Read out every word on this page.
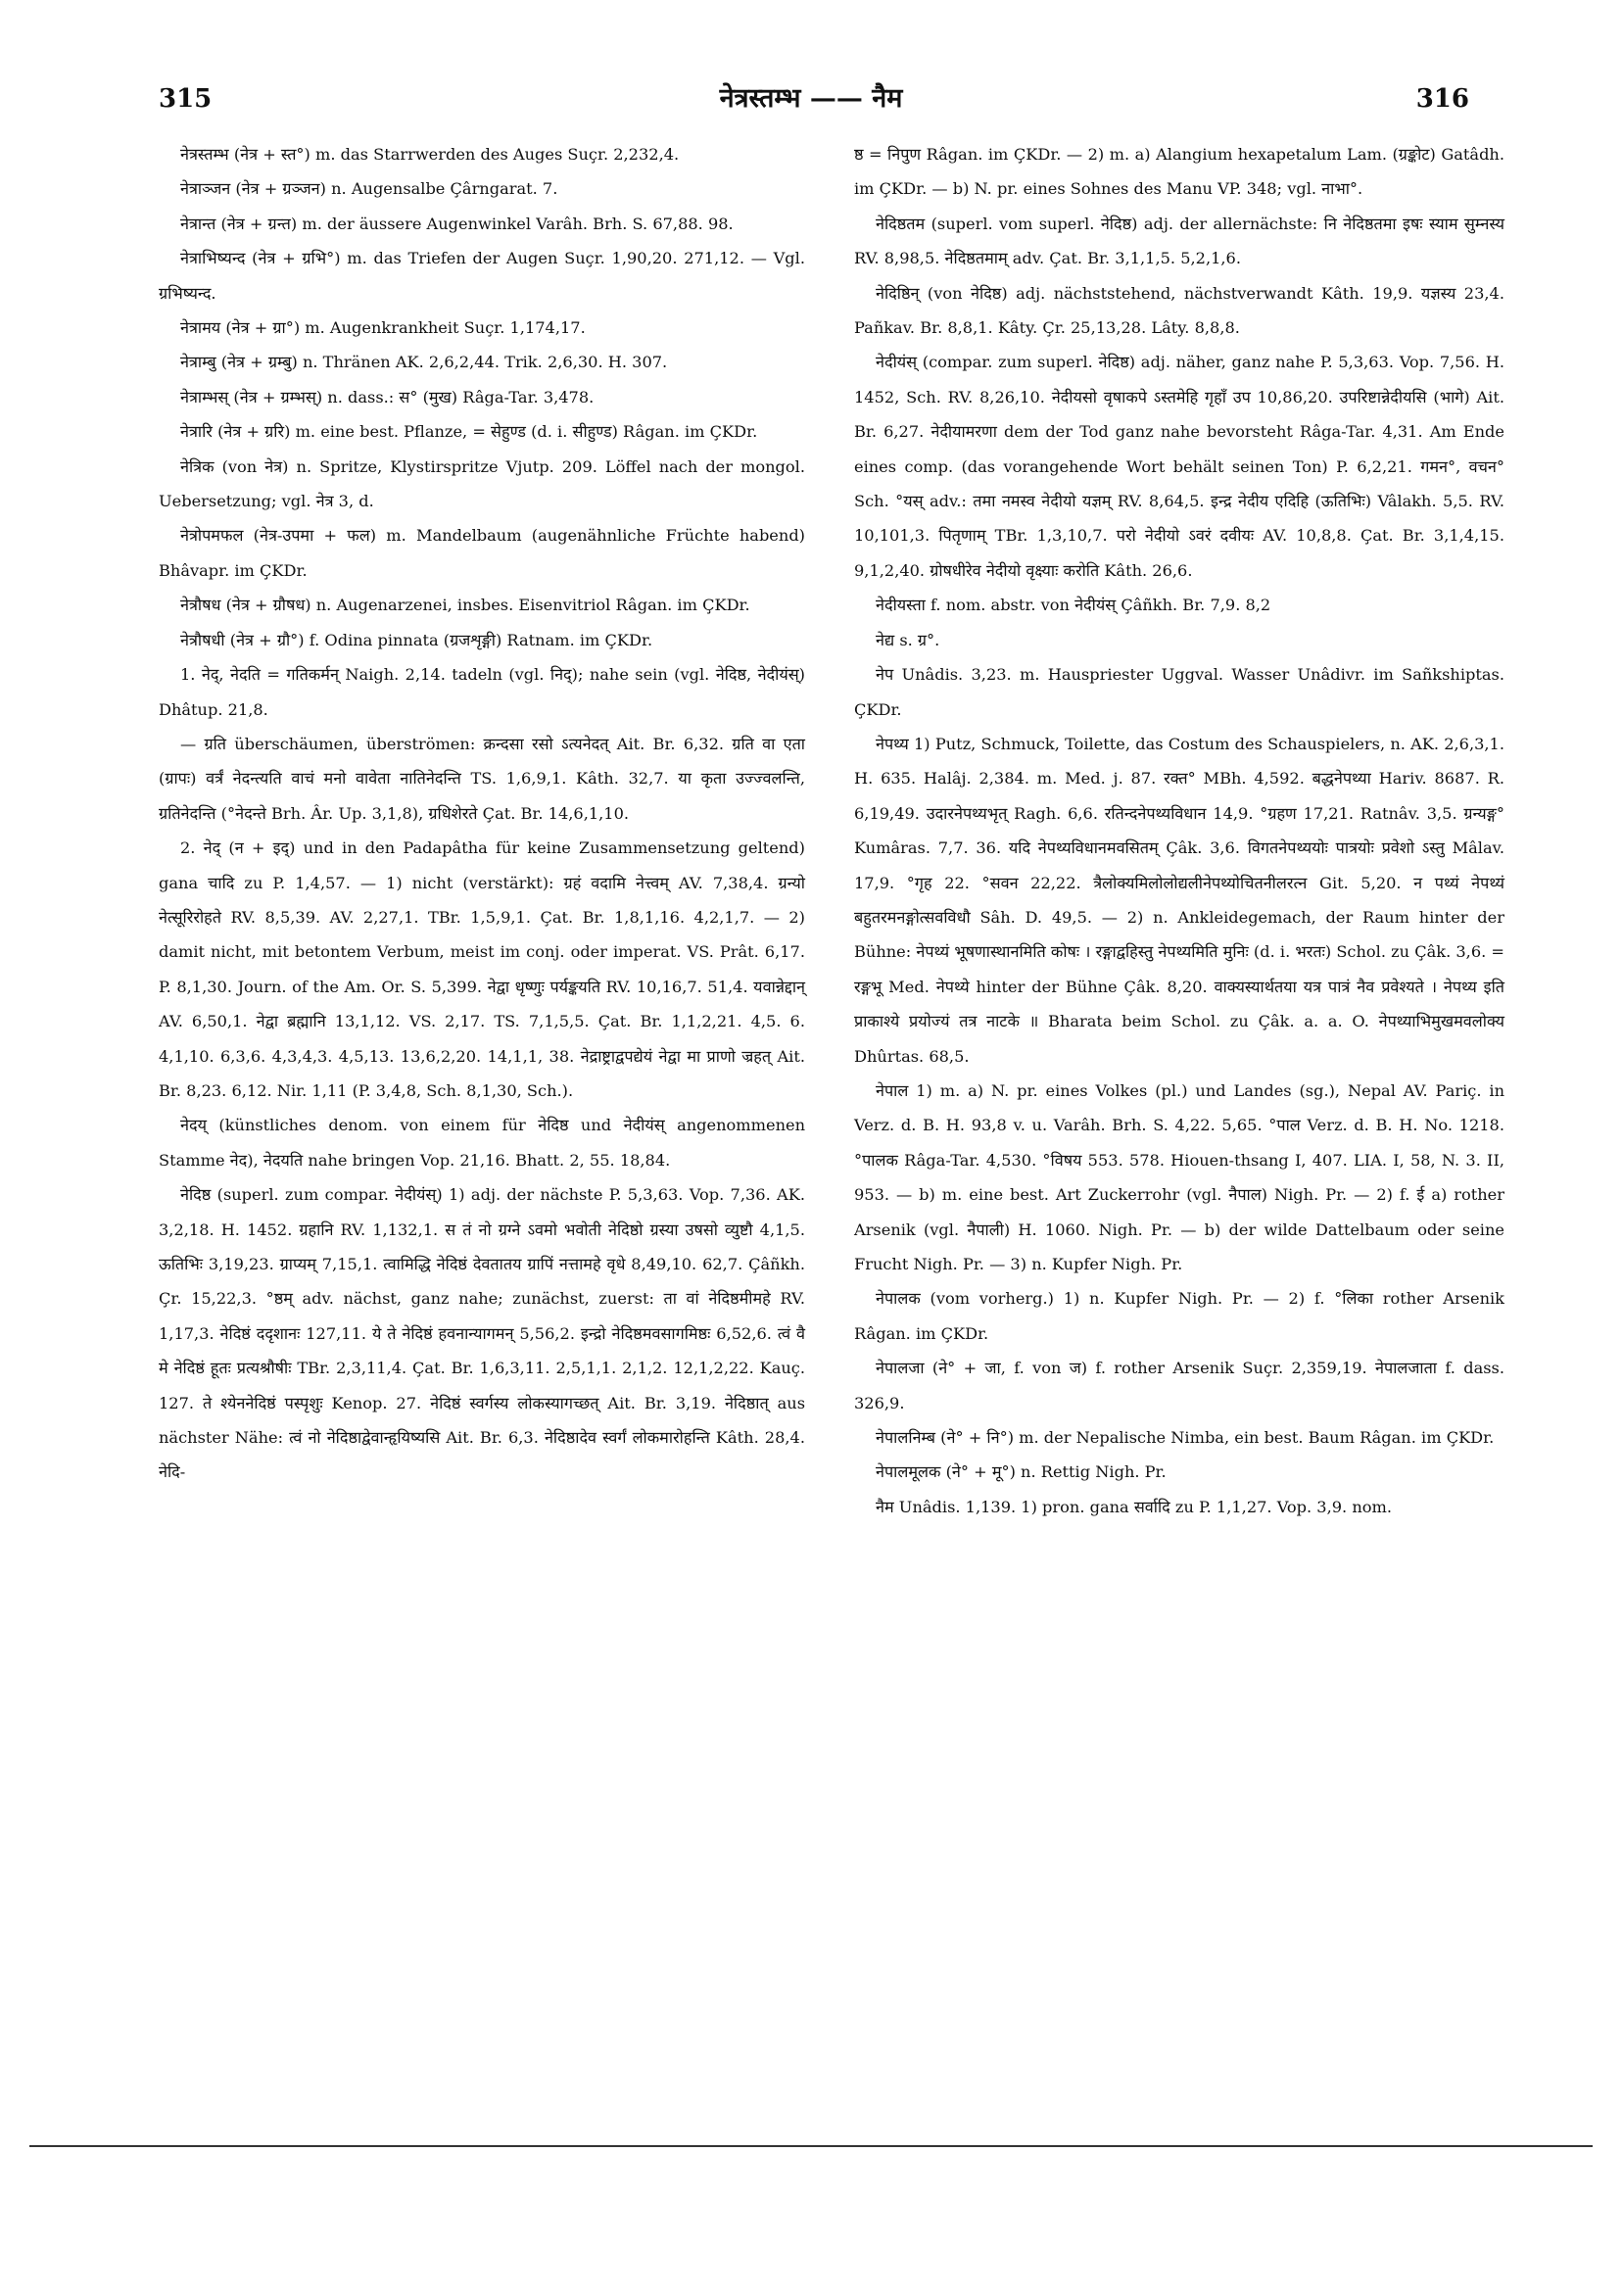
315	नेत्रस्तम्भ —— नैम	316

नेत्रस्तम्भ (नेत्र + स्त°) m. das Starrwerden des Auges Suçr. 2,232,4.

नेत्राञ्जन (नेत्र + ग्रञ्जन) n. Augensalbe Çârngarat. 7.

नेत्रान्त (नेत्र + ग्रन्त) m. der äussere Augenwinkel Varâh. Brh. S. 67,88. 98.

नेत्राभिष्यन्द (नेत्र + ग्रभि°) m. das Triefen der Augen Suçr. 1,90,20. 271,12. — Vgl. ग्रभिष्यन्द.

नेत्रामय (नेत्र + ग्रा°) m. Augenkrankheit Suçr. 1,174,17.

नेत्राम्बु (नेत्र + ग्रम्बु) n. Thränen AK. 2,6,2,44. Trik. 2,6,30. H. 307.

नेत्राम्भस् (नेत्र + ग्रम्भस्) n. dass.: स° (मुख) Râga-Tar. 3,478.

नेत्रारि (नेत्र + ग्ररि) m. eine best. Pflanze, = सेहुण्ड (d. i. सीहुण्ड) Râgan. im ÇKDr.

नेत्रिक (von नेत्र) n. Spritze, Klystirspritze Vjutp. 209. Löffel nach der mongol. Uebersetzung; vgl. नेत्र 3, d.

नेत्रोपमफल (नेत्र-उपमा + फल) m. Mandelbaum (augenähnliche Früchte habend) Bhâvapr. im ÇKDr.

नेत्रौषध (नेत्र + ग्रौषध) n. Augenarzenei, insbes. Eisenvitriol Râgan. im ÇKDr.

नेत्रौषधी (नेत्र + ग्रौ°) f. Odina pinnata (ग्रजशृङ्गी) Ratnam. im ÇKDr.

1. नेद्, नेदति = गतिकर्मन् Naigh. 2,14. tadeln (vgl. निद्); nahe sein (vgl. नेदिष्ठ, नेदीयंस्) Dhâtup. 21,8.

— ग्रति überschäumen, überströmen: क्रन्दसा रसो ऽत्यनेदत् Ait. Br. 6,32. ग्रति वा एता (ग्रापः) वर्त्रं नेदन्त्यति वाचं मनो वावेता नातिनेदन्ति TS. 1,6,9,1. Kâth. 32,7. या कृता उज्ज्वलन्ति, ग्रतिनेदन्ति (°नेदन्ते Brh. Âr. Up. 3,1,8), ग्रधिशेरते Çat. Br. 14,6,1,10.

2. नेद् (न + इद्) und in den Padapâtha für keine Zusammensetzung geltend) gana चादि zu P. 1,4,57. — 1) nicht (verstärkt): ग्रहं वदामि नेत्त्वम् AV. 7,38,4. ग्रन्यो नेत्सूरिरोहते RV. 8,5,39. AV. 2,27,1. TBr. 1,5,9,1. Çat. Br. 1,8,1,16. 4,2,1,7. — 2) damit nicht, mit betontem Verbum, meist im conj. oder imperat. VS. Prât. 6,17. P. 8,1,30. Journ. of the Am. Or. S. 5,399. नेद्वा धृष्णुः पर्यङ्कयति RV. 10,16,7. 51,4. यवान्नेद्दान् AV. 6,50,1. नेद्वा ब्रह्मानि 13,1,12. VS. 2,17. TS. 7,1,5,5. Çat. Br. 1,1,2,21. 4,5. 6. 4,1,10. 6,3,6. 4,3,4,3. 4,5,13. 13,6,2,20. 14,1,1, 38. नेद्राष्ट्राद्वपद्येयं नेद्वा मा प्राणो ज्रहत् Ait. Br. 8,23. 6,12. Nir. 1,11 (P. 3,4,8, Sch. 8,1,30, Sch.).

नेदय् (künstliches denom. von einem für नेदिष्ठ und नेदीयंस् angenommenen Stamme नेद), नेदयति nahe bringen Vop. 21,16. Bhatt. 2, 55. 18,84.

नेदिष्ठ (superl. zum compar. नेदीयंस्) 1) adj. der nächste P. 5,3,63. Vop. 7,36. AK. 3,2,18. H. 1452. ग्रहानि RV. 1,132,1. स तं नो ग्रग्ने ऽवमो भवोती नेदिष्ठो ग्रस्या उषसो व्युष्टौ 4,1,5. ऊतिभिः 3,19,23. ग्राप्यम् 7,15,1. त्वामिद्धि नेदिष्ठं देवतातय ग्रापिं नत्तामहे वृधे 8,49,10. 62,7. Çâñkh. Çr. 15,22,3. °ष्ठम् adv. nächst, ganz nahe; zunächst, zuerst: ता वां नेदिष्ठमीमहे RV. 1,17,3. नेदिष्ठं ददृशानः 127,11. ये ते नेदिष्ठं हवनान्यागमन् 5,56,2. इन्द्रो नेदिष्ठमवसागमिष्ठः 6,52,6. त्वं वै मे नेदिष्ठं हूतः प्रत्यश्रौषीः TBr. 2,3,11,4. Çat. Br. 1,6,3,11. 2,5,1,1. 2,1,2. 12,1,2,22. Kauç. 127. ते श्येननेदिष्ठं पस्पृशुः Kenop. 27. नेदिष्ठं स्वर्गस्य लोकस्यागच्छत् Ait. Br. 3,19. नेदिष्ठात् aus nächster Nähe: त्वं नो नेदिष्ठाद्वेवान्हृयिष्यसि Ait. Br. 6,3. नेदिष्ठादेव स्वर्गं लोकमारोहन्ति Kâth. 28,4. नेदि-

ष्ठ = निपुण Râgan. im ÇKDr. — 2) m. a) Alangium hexapetalum Lam. (ग्रङ्कोट) Gatâdh. im ÇKDr. — b) N. pr. eines Sohnes des Manu VP. 348; vgl. नाभा°.

नेदिष्ठतम (superl. vom superl. नेदिष्ठ) adj. der allernächste: नि नेदिष्ठतमा इषः स्याम सुम्नस्य RV. 8,98,5. नेदिष्ठतमाम् adv. Çat. Br. 3,1,1,5. 5,2,1,6.

नेदिष्ठिन् (von नेदिष्ठ) adj. nächststehend, nächstverwandt Kâth. 19,9. यज्ञस्य 23,4. Pañkav. Br. 8,8,1. Kâty. Çr. 25,13,28. Lâty. 8,8,8.

नेदीयंस् (compar. zum superl. नेदिष्ठ) adj. näher, ganz nahe P. 5,3,63. Vop. 7,56. H. 1452, Sch. RV. 8,26,10. नेदीयसो वृषाकपे ऽस्तमेहि गृहाँ उप 10,86,20. उपरिष्टान्नेदीयसि (भागे) Ait. Br. 6,27. नेदीयामरणा dem der Tod ganz nahe bevorsteht Râga-Tar. 4,31. Am Ende eines comp. (das vorangehende Wort behält seinen Ton) P. 6,2,21. गमन°, वचन° Sch. °यस् adv.: तमा नमस्व नेदीयो यज्ञम् RV. 8,64,5. इन्द्र नेदीय एदिहि (ऊतिभिः) Vâlakh. 5,5. RV. 10,101,3. पितृणाम् TBr. 1,3,10,7. परो नेदीयो ऽवरं दवीयः AV. 10,8,8. Çat. Br. 3,1,4,15. 9,1,2,40. ग्रोषधीरेव नेदीयो वृक्ष्याः करोति Kâth. 26,6.

नेदीयस्ता f. nom. abstr. von नेदीयंस् Çâñkh. Br. 7,9. 8,2

नेद्य s. ग्र°.

नेप Unâdis. 3,23. m. Hauspriester Uggval. Wasser Unâdivr. im Sañkshiptas. ÇKDr.

नेपथ्य 1) Putz, Schmuck, Toilette, das Costum des Schauspielers, n. AK. 2,6,3,1. H. 635. Halâj. 2,384. m. Med. j. 87. रक्त° MBh. 4,592. बद्धनेपथ्या Hariv. 8687. R. 6,19,49. उदारनेपथ्यभृत् Ragh. 6,6. रतिन्दनेपथ्यविधान 14,9. °ग्रहण 17,21. Ratnâv. 3,5. ग्रन्यङ्ग° Kumâras. 7,7. 36. यदि नेपथ्यविधानमवसितम् Çâk. 3,6. विगतनेपथ्ययोः पात्रयोः प्रवेशो ऽस्तु Mâlav. 17,9. °गृह 22. °सवन 22,22. त्रैलोक्यमिलोलोद्यलीनेपथ्योचितनीलरत्न Git. 5,20. न पथ्यं नेपथ्यं बहुतरमनङ्गोत्सवविधौ Sâh. D. 49,5. — 2) n. Ankleidegemach, der Raum hinter der Bühne: नेपथ्यं भूषणास्थानमिति कोषः । रङ्गाद्वहिस्तु नेपथ्यमिति मुनिः (d. i. भरतः) Schol. zu Çâk. 3,6. = रङ्गभू Med. नेपथ्ये hinter der Bühne Çâk. 8,20. वाक्यस्यार्थतया यत्र पात्रं नैव प्रवेश्यते । नेपथ्य इति प्राकाश्ये प्रयोज्यं तत्र नाटके ॥ Bharata beim Schol. zu Çâk. a. a. O. नेपथ्याभिमुखमवलोक्य Dhûrtas. 68,5.

नेपाल 1) m. a) N. pr. eines Volkes (pl.) und Landes (sg.), Nepal AV. Pariç. in Verz. d. B. H. 93,8 v. u. Varâh. Brh. S. 4,22. 5,65. °पाल Verz. d. B. H. No. 1218. °पालक Râga-Tar. 4,530. °विषय 553. 578. Hiouen-thsang I, 407. LIA. I, 58, N. 3. II, 953. — b) m. eine best. Art Zuckerrohr (vgl. नैपाल) Nigh. Pr. — 2) f. ई a) rother Arsenik (vgl. नैपाली) H. 1060. Nigh. Pr. — b) der wilde Dattelbaum oder seine Frucht Nigh. Pr. — 3) n. Kupfer Nigh. Pr.

नेपालक (vom vorherg.) 1) n. Kupfer Nigh. Pr. — 2) f. °लिका rother Arsenik Râgan. im ÇKDr.

नेपालजा (ने° + जा, f. von ज) f. rother Arsenik Suçr. 2,359,19. नेपालजाता f. dass. 326,9.

नेपालनिम्ब (ने° + नि°) m. der Nepalische Nimba, ein best. Baum Râgan. im ÇKDr.

नेपालमूलक (ने° + मू°) n. Rettig Nigh. Pr.

नैम Unâdis. 1,139. 1) pron. gana सर्वादि zu P. 1,1,27. Vop. 3,9. nom.
